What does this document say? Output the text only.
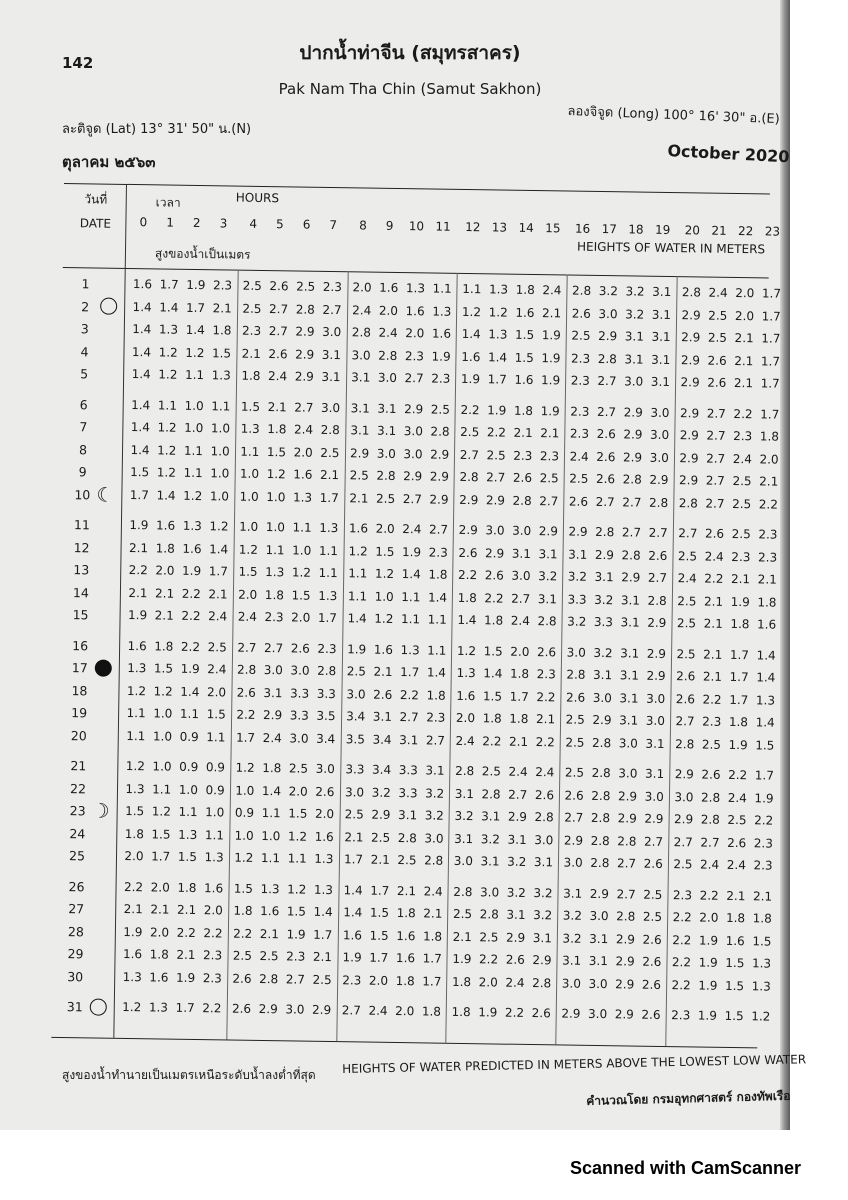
142	ปากน้ำท่าจีน (สมุทรสาคร)
Pak Nam Tha Chin (Samut Sakhon)
ละติจูด (Lat) 13° 31' 50" น.(N)
ลองจิจูด (Long) 100° 16' 30" อ.(E)
ตุลาคม ๒๕๖๓	October 2020
วันที่
DATE
เวลา	HOURS
สูงของน้ำเป็นเมตร	HEIGHTS OF WATER IN METERS
0	1	2	3	4	5	6	7	8	9	10 11	12 13 14 15	16 17 18 19	20 21 22 23
1	1.6 1.7 1.9 2.3 2.5 2.6 2.5 2.3 2.0 1.6 1.3 1.1 1.1 1.3 1.8 2.4 2.8 3.2 3.2 3.1 2.8 2.4 2.0 1.7
2	1.4 1.4 1.7 2.1 2.5 2.7 2.8 2.7 2.4 2.0 1.6 1.3 1.2 1.2 1.6 2.1 2.6 3.0 3.2 3.1 2.9 2.5 2.0 1.7
3	1.4 1.3 1.4 1.8 2.3 2.7 2.9 3.0 2.8 2.4 2.0 1.6 1.4 1.3 1.5 1.9 2.5 2.9 3.1 3.1 2.9 2.5 2.1 1.7
4	1.4 1.2 1.2 1.5 2.1 2.6 2.9 3.1 3.0 2.8 2.3 1.9 1.6 1.4 1.5 1.9 2.3 2.8 3.1 3.1 2.9 2.6 2.1 1.7
5	1.4 1.2 1.1 1.3 1.8 2.4 2.9 3.1 3.1 3.0 2.7 2.3 1.9 1.7 1.6 1.9 2.3 2.7 3.0 3.1 2.9 2.6 2.1 1.7
6	1.4 1.1 1.0 1.1 1.5 2.1 2.7 3.0 3.1 3.1 2.9 2.5 2.2 1.9 1.8 1.9 2.3 2.7 2.9 3.0 2.9 2.7 2.2 1.7
7	1.4 1.2 1.0 1.0 1.3 1.8 2.4 2.8 3.1 3.1 3.0 2.8 2.5 2.2 2.1 2.1 2.3 2.6 2.9 3.0 2.9 2.7 2.3 1.8
8	1.4 1.2 1.1 1.0 1.1 1.5 2.0 2.5 2.9 3.0 3.0 2.9 2.7 2.5 2.3 2.3 2.4 2.6 2.9 3.0 2.9 2.7 2.4 2.0
9	1.5 1.2 1.1 1.0 1.0 1.2 1.6 2.1 2.5 2.8 2.9 2.9 2.8 2.7 2.6 2.5 2.5 2.6 2.8 2.9 2.9 2.7 2.5 2.1
10 ☾ 1.7 1.4 1.2 1.0 1.0 1.0 1.3 1.7 2.1 2.5 2.7 2.9 2.9 2.9 2.8 2.7 2.6 2.7 2.7 2.8 2.8 2.7 2.5 2.2
11	1.9 1.6 1.3 1.2 1.0 1.0 1.1 1.3 1.6 2.0 2.4 2.7 2.9 3.0 3.0 2.9 2.9 2.8 2.7 2.7 2.7 2.6 2.5 2.3
12	2.1 1.8 1.6 1.4 1.2 1.1 1.0 1.1 1.2 1.5 1.9 2.3 2.6 2.9 3.1 3.1 3.1 2.9 2.8 2.6 2.5 2.4 2.3 2.3
13	2.2 2.0 1.9 1.7 1.5 1.3 1.2 1.1 1.1 1.2 1.4 1.8 2.2 2.6 3.0 3.2 3.2 3.1 2.9 2.7 2.4 2.2 2.1 2.1
14	2.1 2.1 2.2 2.1 2.0 1.8 1.5 1.3 1.1 1.0 1.1 1.4 1.8 2.2 2.7 3.1 3.3 3.2 3.1 2.8 2.5 2.1 1.9 1.8
15	1.9 2.1 2.2 2.4 2.4 2.3 2.0 1.7 1.4 1.2 1.1 1.1 1.4 1.8 2.4 2.8 3.2 3.3 3.1 2.9 2.5 2.1 1.8 1.6
16	1.6 1.8 2.2 2.5 2.7 2.7 2.6 2.3 1.9 1.6 1.3 1.1 1.2 1.5 2.0 2.6 3.0 3.2 3.1 2.9 2.5 2.1 1.7 1.4
17	1.3 1.5 1.9 2.4 2.8 3.0 3.0 2.8 2.5 2.1 1.7 1.4 1.3 1.4 1.8 2.3 2.8 3.1 3.1 2.9 2.6 2.1 1.7 1.4
18	1.2 1.2 1.4 2.0 2.6 3.1 3.3 3.3 3.0 2.6 2.2 1.8 1.6 1.5 1.7 2.2 2.6 3.0 3.1 3.0 2.6 2.2 1.7 1.3
19	1.1 1.0 1.1 1.5 2.2 2.9 3.3 3.5 3.4 3.1 2.7 2.3 2.0 1.8 1.8 2.1 2.5 2.9 3.1 3.0 2.7 2.3 1.8 1.4
20	1.1 1.0 0.9 1.1 1.7 2.4 3.0 3.4 3.5 3.4 3.1 2.7 2.4 2.2 2.1 2.2 2.5 2.8 3.0 3.1 2.8 2.5 1.9 1.5
21	1.2 1.0 0.9 0.9 1.2 1.8 2.5 3.0 3.3 3.4 3.3 3.1 2.8 2.5 2.4 2.4 2.5 2.8 3.0 3.1 2.9 2.6 2.2 1.7
22	1.3 1.1 1.0 0.9 1.0 1.4 2.0 2.6 3.0 3.2 3.3 3.2 3.1 2.8 2.7 2.6 2.6 2.8 2.9 3.0 3.0 2.8 2.4 1.9
23 ☽ 1.5 1.2 1.1 1.0 0.9 1.1 1.5 2.0 2.5 2.9 3.1 3.2 3.2 3.1 2.9 2.8 2.7 2.8 2.9 2.9 2.9 2.8 2.5 2.2
24	1.8 1.5 1.3 1.1 1.0 1.0 1.2 1.6 2.1 2.5 2.8 3.0 3.1 3.2 3.1 3.0 2.9 2.8 2.8 2.7 2.7 2.7 2.6 2.3
25	2.0 1.7 1.5 1.3 1.2 1.1 1.1 1.3 1.7 2.1 2.5 2.8 3.0 3.1 3.2 3.1 3.0 2.8 2.7 2.6 2.5 2.4 2.4 2.3
26	2.2 2.0 1.8 1.6 1.5 1.3 1.2 1.3 1.4 1.7 2.1 2.4 2.8 3.0 3.2 3.2 3.1 2.9 2.7 2.5 2.3 2.2 2.1 2.1
27	2.1 2.1 2.1 2.0 1.8 1.6 1.5 1.4 1.4 1.5 1.8 2.1 2.5 2.8 3.1 3.2 3.2 3.0 2.8 2.5 2.2 2.0 1.8 1.8
28	1.9 2.0 2.2 2.2 2.2 2.1 1.9 1.7 1.6 1.5 1.6 1.8 2.1 2.5 2.9 3.1 3.2 3.1 2.9 2.6 2.2 1.9 1.6 1.5
29	1.6 1.8 2.1 2.3 2.5 2.5 2.3 2.1 1.9 1.7 1.6 1.7 1.9 2.2 2.6 2.9 3.1 3.1 2.9 2.6 2.2 1.9 1.5 1.3
30	1.3 1.6 1.9 2.3 2.6 2.8 2.7 2.5 2.3 2.0 1.8 1.7 1.8 2.0 2.4 2.8 3.0 3.0 2.9 2.6 2.2 1.9 1.5 1.3
31	1.2 1.3 1.7 2.2 2.6 2.9 3.0 2.9 2.7 2.4 2.0 1.8 1.8 1.9 2.2 2.6 2.9 3.0 2.9 2.6 2.3 1.9 1.5 1.2
สูงของน้ำทำนายเป็นเมตรเหนือระดับน้ำลงต่ำที่สุด HEIGHTS OF WATER PREDICTED IN METERS ABOVE THE LOWEST LOW WATER
คำนวณโดย กรมอุทกศาสตร์ กองทัพเรือ
Scanned with CamScanner
